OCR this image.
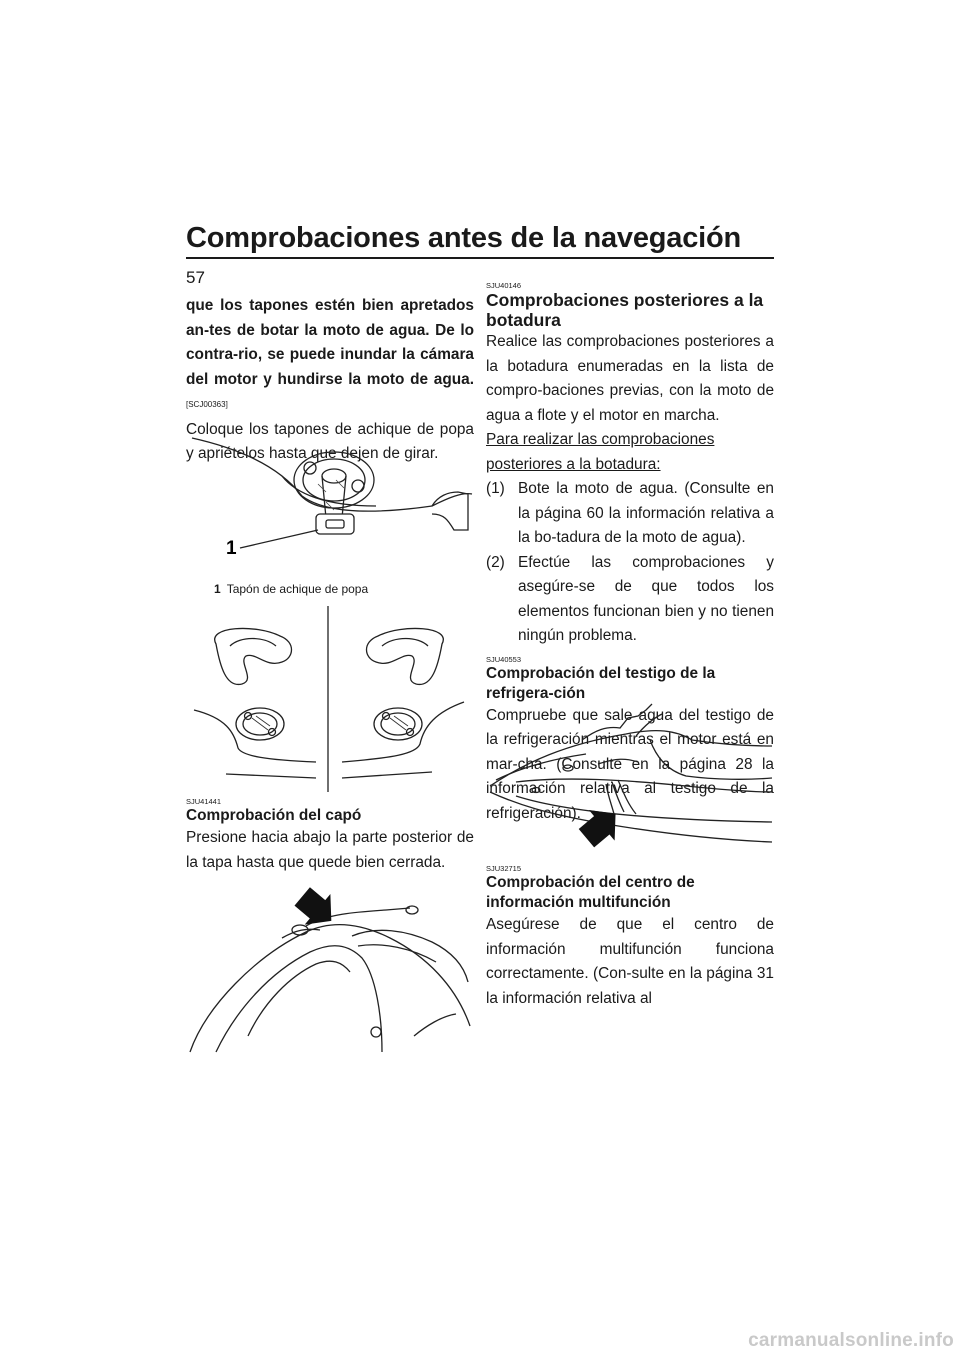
Comprobaciones antes de la navegación
57

que los tapones estén bien apretados an-tes de botar la moto de agua. De lo contra-rio, se puede inundar la cámara del motor y hundirse la moto de agua. [SCJ00363]

Coloque los tapones de achique de popa y apriételos hasta que dejen de girar.

1
1 Tapón de achique de popa

SJU41441

Comprobación del capó

Presione hacia abajo la parte posterior de la tapa hasta que quede bien cerrada.

SJU40146

Comprobaciones posteriores a la botadura

Realice las comprobaciones posteriores a la botadura enumeradas en la lista de compro-baciones previas, con la moto de agua a flote y el motor en marcha.

Para realizar las comprobaciones posteriores a la botadura:

(1) Bote la moto de agua. (Consulte en la página 60 la información relativa a la bo-tadura de la moto de agua).
(2) Efectúe las comprobaciones y asegúre-se de que todos los elementos funcionan bien y no tienen ningún problema.

SJU40553

Comprobación del testigo de la refrigera-ción

Compruebe que sale agua del testigo de la refrigeración mientras el motor está en mar-cha. (Consulte en la página 28 la información relativa al testigo de la refrigeración).

SJU32715

Comprobación del centro de información multifunción

Asegúrese de que el centro de información multifunción funciona correctamente. (Con-sulte en la página 31 la información relativa al

carmanualsonline.info
